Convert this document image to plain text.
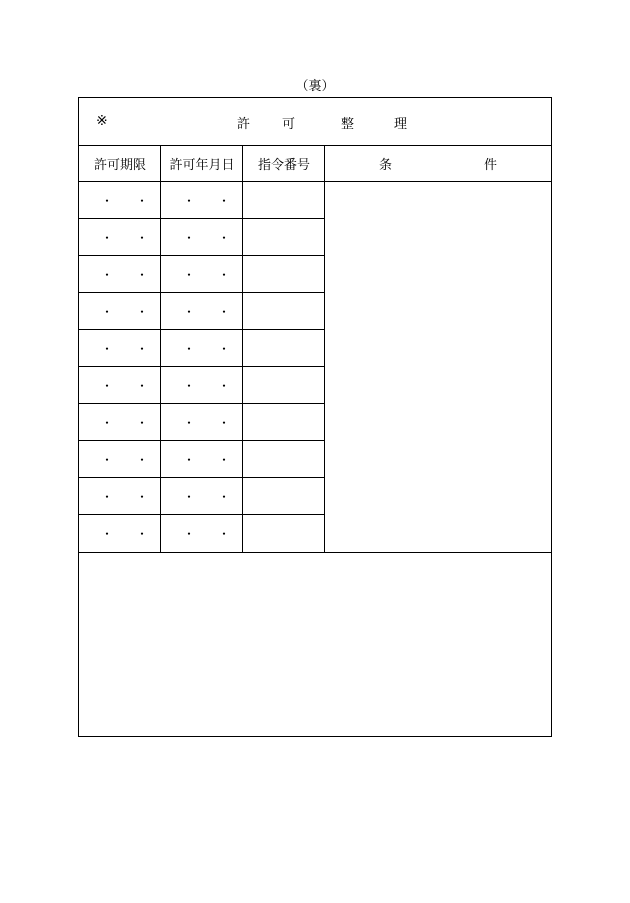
（裏）
※	許 可	整	理
許可期限	許可年月日	指令番号	条	件
・ ・	・ ・
・ ・	・ ・
・ ・	・ ・
・ ・	・ ・
・ ・	・ ・
・ ・	・ ・
・ ・	・ ・
・ ・	・ ・
・ ・	・ ・
・ ・	・ ・
